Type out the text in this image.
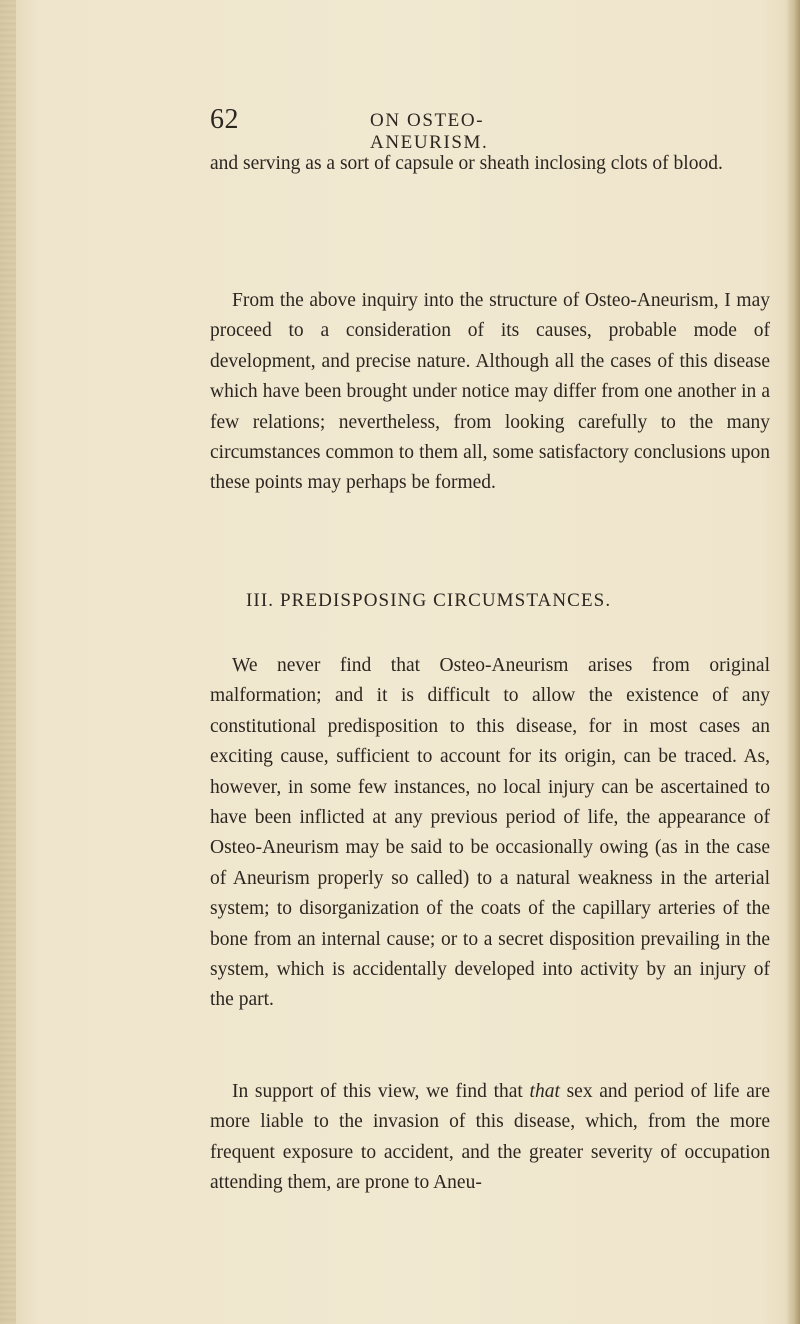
62	ON OSTEO-ANEURISM.
and serving as a sort of capsule or sheath inclosing clots of blood.
From the above inquiry into the structure of Osteo-Aneurism, I may proceed to a consideration of its causes, probable mode of development, and precise nature. Although all the cases of this disease which have been brought under notice may differ from one another in a few relations; nevertheless, from looking carefully to the many circumstances common to them all, some satisfactory conclusions upon these points may perhaps be formed.
III. PREDISPOSING CIRCUMSTANCES.
We never find that Osteo-Aneurism arises from original malformation; and it is difficult to allow the existence of any constitutional predisposition to this disease, for in most cases an exciting cause, sufficient to account for its origin, can be traced. As, however, in some few instances, no local injury can be ascertained to have been inflicted at any previous period of life, the appearance of Osteo-Aneurism may be said to be occasionally owing (as in the case of Aneurism properly so called) to a natural weakness in the arterial system; to disorganization of the coats of the capillary arteries of the bone from an internal cause; or to a secret disposition prevailing in the system, which is accidentally developed into activity by an injury of the part.
In support of this view, we find that that sex and period of life are more liable to the invasion of this disease, which, from the more frequent exposure to accident, and the greater severity of occupation attending them, are prone to Aneu-
